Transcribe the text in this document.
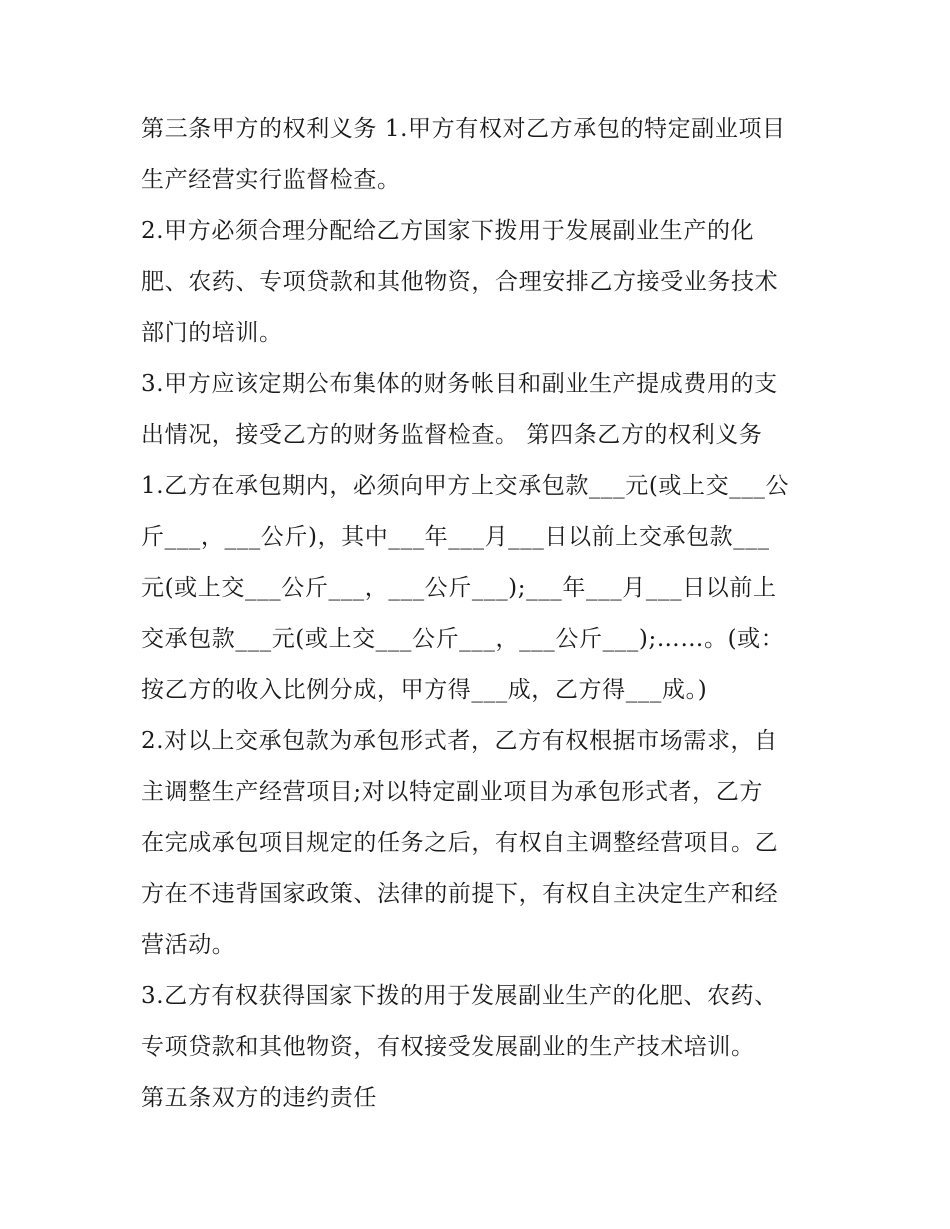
第三条甲方的权利义务 1.甲方有权对乙方承包的特定副业项目
生产经营实行监督检查。
2.甲方必须合理分配给乙方国家下拨用于发展副业生产的化
肥、农药、专项贷款和其他物资，合理安排乙方接受业务技术
部门的培训。
3.甲方应该定期公布集体的财务帐目和副业生产提成费用的支
出情况，接受乙方的财务监督检查。 第四条乙方的权利义务
1.乙方在承包期内，必须向甲方上交承包款___元(或上交___公
斤___，___公斤)，其中___年___月___日以前上交承包款___
元(或上交___公斤___，___公斤___);___年___月___日以前上
交承包款___元(或上交___公斤___，___公斤___);……。(或：
按乙方的收入比例分成，甲方得___成，乙方得___成。)
2.对以上交承包款为承包形式者，乙方有权根据市场需求，自
主调整生产经营项目;对以特定副业项目为承包形式者，乙方
在完成承包项目规定的任务之后，有权自主调整经营项目。乙
方在不违背国家政策、法律的前提下，有权自主决定生产和经
营活动。
3.乙方有权获得国家下拨的用于发展副业生产的化肥、农药、
专项贷款和其他物资，有权接受发展副业的生产技术培训。
第五条双方的违约责任
